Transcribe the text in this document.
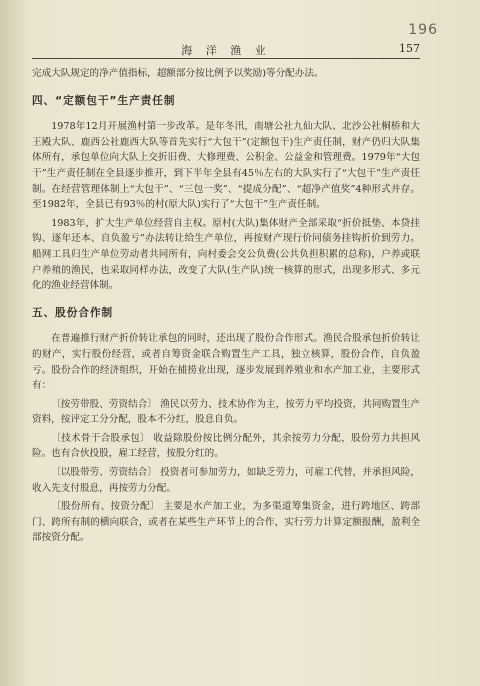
196
海 洋 渔 业	157

完成大队规定的净产值指标，超额部分按比例予以奖励)等分配办法。

四、“定额包干”生产责任制

1978年12月开展渔村第一步改革。是年冬汛，南塘公社九仙大队、北沙公社桐桥和大王殿大队、鹿西公社鹿西大队等首先实行“大包干”(定额包干)生产责任制，财产仍归大队集体所有，承包单位向大队上交折旧费、大修理费、公积金、公益金和管理费。1979年“大包干”生产责任制在全县逐步推开，到下半年全县有45％左右的大队实行了“大包干”生产责任制。在经营管理体制上“大包干”、“三包一奖”、“提成分配”、“超净产值奖”4种形式并存。至1982年，全县已有93％的村(原大队)实行了“大包干”生产责任制。

1983年，扩大生产单位经营自主权。原村(大队)集体财产全部采取“折价抵垫、本贷挂钩、逐年还本、自负盈亏”办法转让给生产单位，再按财产现行价同债务挂钩折价到劳力。船网工具归生产单位劳动者共同所有，向村委会交公负费(公共负担积累的总称)，户养或联户养殖的渔民，也采取同样办法，改变了大队(生产队)统一核算的形式，出现多形式、多元化的渔业经营体制。

五、股份合作制

在普遍推行财产折价转让承包的同时，还出现了股份合作形式。渔民合股承包折价转让的财产，实行股份经营，或者自筹资金联合购置生产工具，独立核算，股份合作，自负盈亏。股份合作的经济组织，开始在捕捞业出现，逐步发展到养殖业和水产加工业，主要形式有：

〔按劳带股、劳资结合〕 渔民以劳力、技术协作为主，按劳力平均投资，共同购置生产资料，按评定工分分配，股本不分红，股息自负。

〔技术骨干合股承包〕 收益除股份按比例分配外，其余按劳力分配，股份劳力共担风险。也有合伙投股，雇工经营，按股分红的。

〔以股带劳、劳资结合〕 投资者可参加劳力，如缺乏劳力，可雇工代替，并承担风险，收入先支付股息，再按劳力分配。

〔股份所有、按资分配〕 主要是水产加工业，为多渠道筹集资金，进行跨地区、跨部门、跨所有制的横向联合，或者在某些生产环节上的合作，实行劳力计算定额报酬，盈利全部按资分配。
